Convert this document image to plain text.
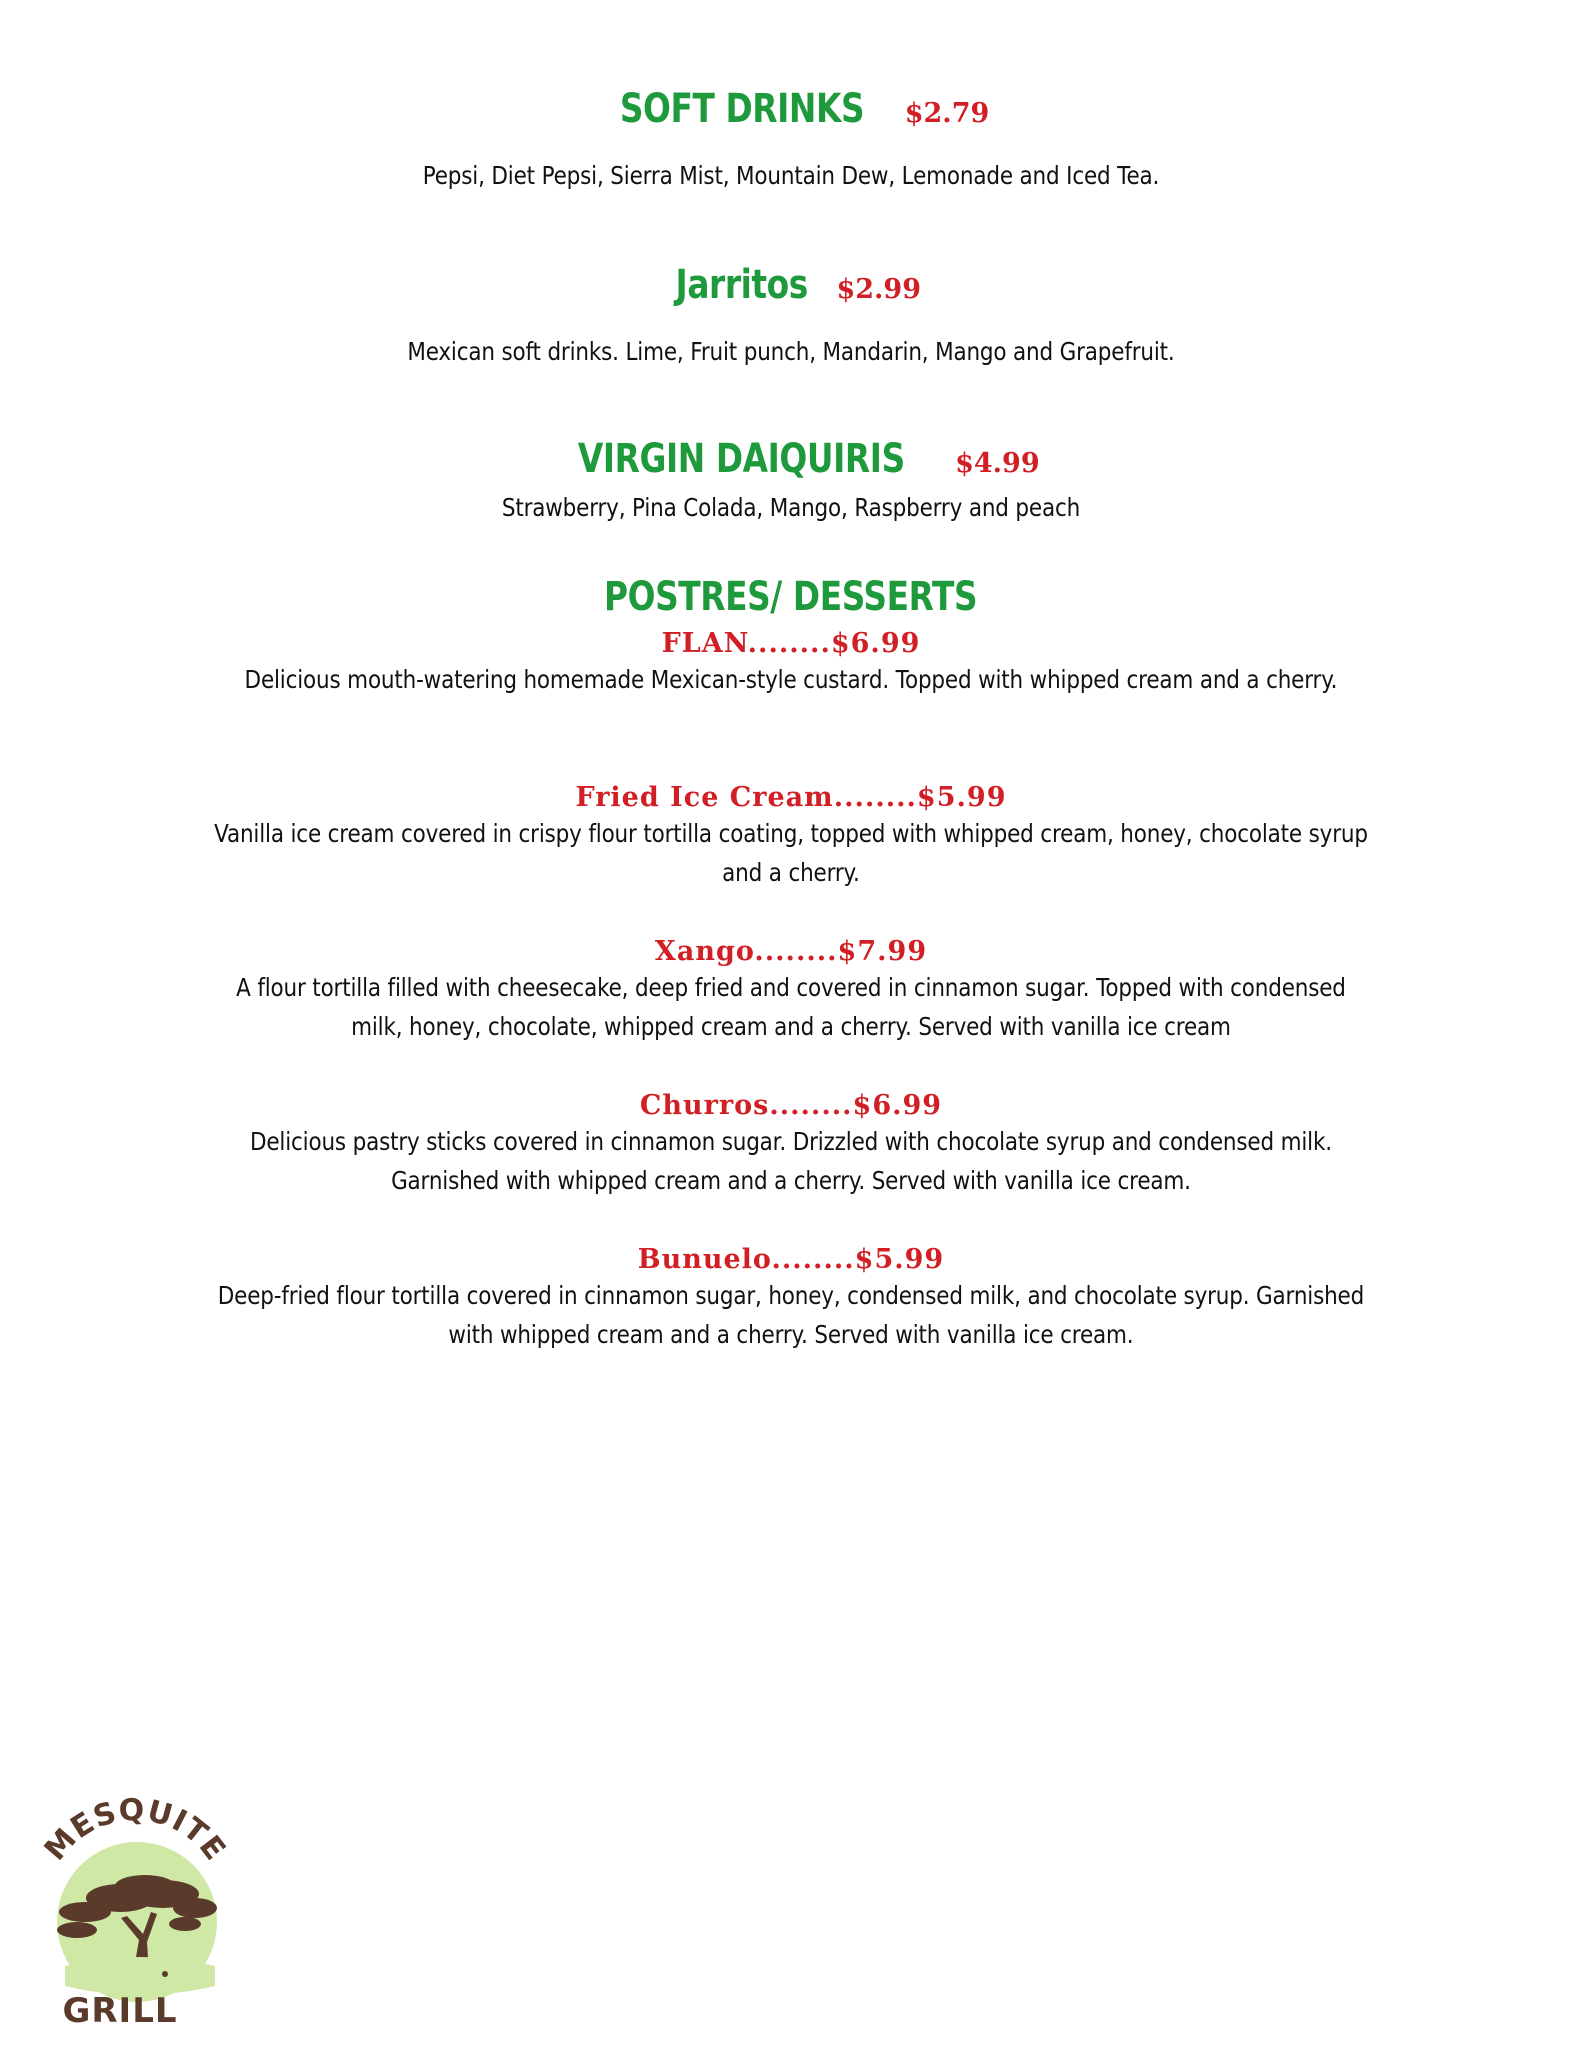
SOFT DRINKS $2.79
Pepsi, Diet Pepsi, Sierra Mist, Mountain Dew, Lemonade and Iced Tea.
Jarritos $2.99
Mexican soft drinks. Lime, Fruit punch, Mandarin, Mango and Grapefruit.
VIRGIN DAIQUIRIS $4.99
Strawberry, Pina Colada, Mango, Raspberry and peach
POSTRES/ DESSERTS
FLAN........$6.99
Delicious mouth-watering homemade Mexican-style custard. Topped with whipped cream and a cherry.
Fried Ice Cream........$5.99
Vanilla ice cream covered in crispy flour tortilla coating, topped with whipped cream, honey, chocolate syrup and a cherry.
Xango........$7.99
A flour tortilla filled with cheesecake, deep fried and covered in cinnamon sugar. Topped with condensed milk, honey, chocolate, whipped cream and a cherry. Served with vanilla ice cream
Churros........$6.99
Delicious pastry sticks covered in cinnamon sugar. Drizzled with chocolate syrup and condensed milk. Garnished with whipped cream and a cherry. Served with vanilla ice cream.
Bunuelo........$5.99
Deep-fried flour tortilla covered in cinnamon sugar, honey, condensed milk, and chocolate syrup. Garnished with whipped cream and a cherry. Served with vanilla ice cream.
MESQUITE
GRILL
